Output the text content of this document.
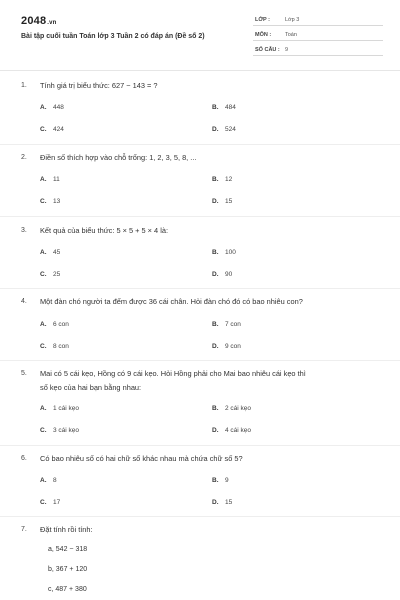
2048.vn
Bài tập cuối tuần Toán lớp 3 Tuần 2 có đáp án (Đề số 2)
LỚP :	Lớp 3
MÔN :	Toán
SỐ CÂU : 9
1. Tính giá trị biểu thức: 627 − 143 = ?
A. 448	B. 484
C. 424	D. 524
2. Điền số thích hợp vào chỗ trống: 1, 2, 3, 5, 8, ...
A. 11	B. 12
C. 13	D. 15
3. Kết quả của biểu thức: 5 × 5 + 5 × 4 là:
A. 45	B. 100
C. 25	D. 90
4. Một đàn chó người ta đếm được 36 cái chân. Hỏi đàn chó đó có bao nhiêu con?
A. 6 con	B. 7 con
C. 8 con	D. 9 con
5. Mai có 5 cái kẹo, Hồng có 9 cái kẹo. Hỏi Hồng phải cho Mai bao nhiêu cái kẹo thì
số kẹo của hai bạn bằng nhau:
A. 1 cái kẹo	B. 2 cái kẹo
C. 3 cái kẹo	D. 4 cái kẹo
6. Có bao nhiêu số có hai chữ số khác nhau mà chứa chữ số 5?
A. 8	B. 9
C. 17	D. 15
7. Đặt tính rồi tính:
a, 542 − 318
b, 367 + 120
c, 487 + 380
